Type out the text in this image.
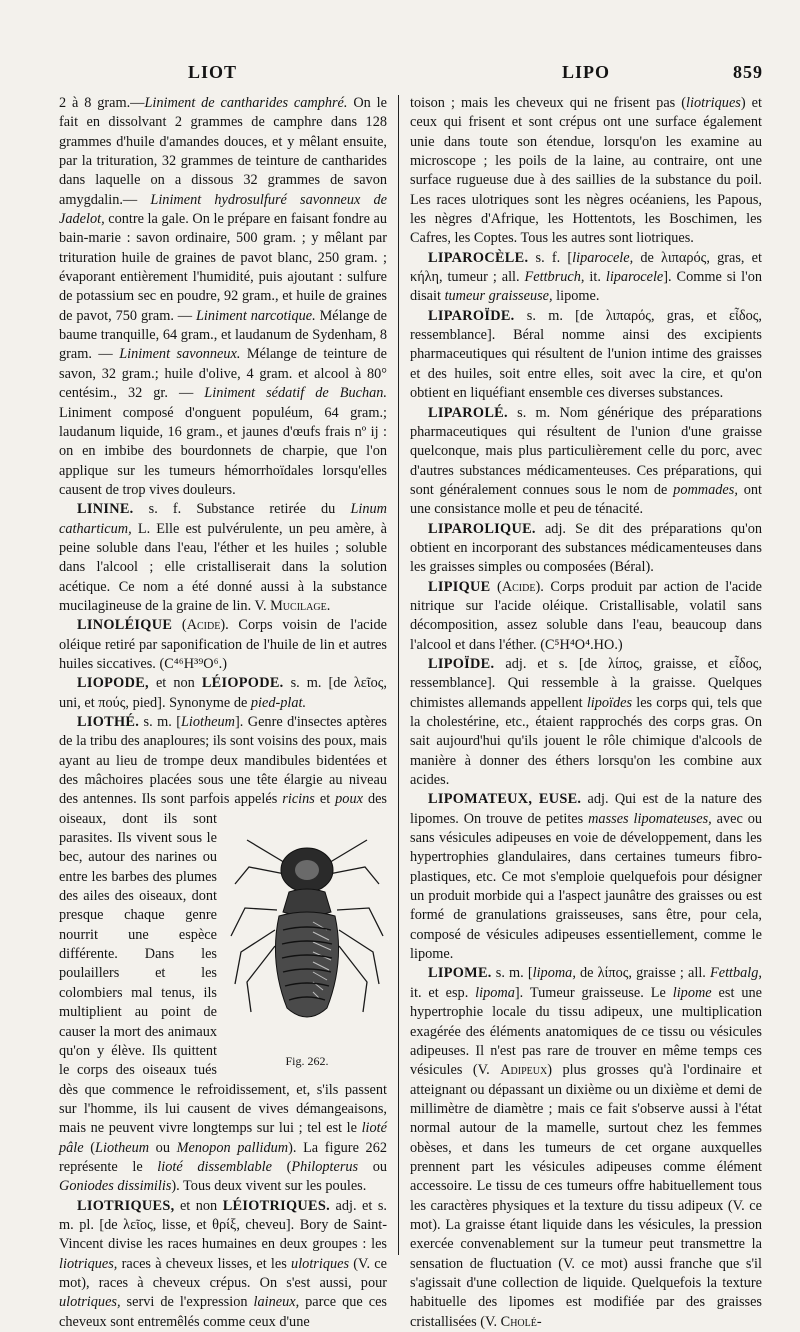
LIOT	LIPO	859

2 à 8 gram.—Liniment de cantharides camphré. On le fait en dissolvant 2 grammes de camphre dans 128 grammes d'huile d'amandes douces, et y mêlant ensuite, par la trituration, 32 grammes de teinture de cantharides dans laquelle on a dissous 32 grammes de savon amygdalin.— Liniment hydrosulfuré savonneux de Jadelot, contre la gale. On le prépare en faisant fondre au bain-marie : savon ordinaire, 500 gram. ; y mêlant par trituration huile de graines de pavot blanc, 250 gram. ; évaporant entièrement l'humidité, puis ajoutant : sulfure de potassium sec en poudre, 92 gram., et huile de graines de pavot, 750 gram. — Liniment narcotique. Mélange de baume tranquille, 64 gram., et laudanum de Sydenham, 8 gram. — Liniment savonneux. Mélange de teinture de savon, 32 gram.; huile d'olive, 4 gram. et alcool à 80° centésim., 32 gr. — Liniment sédatif de Buchan. Liniment composé d'onguent populéum, 64 gram.; laudanum liquide, 16 gram., et jaunes d'œufs frais nº ij : on en imbibe des bourdonnets de charpie, que l'on applique sur les tumeurs hémorrhoïdales lorsqu'elles causent de trop vives douleurs.

LININE. s. f. Substance retirée du Linum catharticum, L. Elle est pulvérulente, un peu amère, à peine soluble dans l'eau, l'éther et les huiles ; soluble dans l'alcool ; elle cristalliserait dans la solution acétique. Ce nom a été donné aussi à la substance mucilagineuse de la graine de lin. V. Mucilage.

LINOLÉIQUE (Acide). Corps voisin de l'acide oléique retiré par saponification de l'huile de lin et autres huiles siccatives. (C⁴⁶H³⁹O⁶.)

LIOPODE, et non LÉIOPODE. s. m. [de λεῖος, uni, et πούς, pied]. Synonyme de pied-plat.

LIOTHÉ. s. m. [Liotheum]. Genre d'insectes aptères de la tribu des anaploures; ils sont voisins des poux, mais ayant au lieu de trompe deux mandibules bidentées et des mâchoires placées sous une tête élargie au niveau des antennes. Ils sont parfois appelés ricins et poux
Fig. 262.
des oiseaux, dont ils sont parasites. Ils vivent sous le bec, autour des narines ou entre les barbes des plumes des ailes des oiseaux, dont presque chaque genre nourrit une espèce différente. Dans les poulaillers et les colombiers mal tenus, ils multiplient au point de causer la mort des animaux qu'on y élève. Ils quittent le corps des oiseaux tués dès que commence le refroidissement, et, s'ils passent sur l'homme, ils lui causent de vives démangeaisons, mais ne peuvent vivre longtemps sur lui ; tel est le lioté pâle (Liotheum ou Menopon pallidum). La figure 262 représente le lioté dissemblable (Philopterus ou Goniodes dissimilis). Tous deux vivent sur les poules.

LIOTRIQUES, et non LÉIOTRIQUES. adj. et s. m. pl. [de λεῖος, lisse, et θρίξ, cheveu]. Bory de Saint-Vincent divise les races humaines en deux groupes : les liotriques, races à cheveux lisses, et les ulotriques (V. ce mot), races à cheveux crépus. On s'est aussi, pour ulotriques, servi de l'expression laineux, parce que ces cheveux sont entremêlés comme ceux d'une

toison ; mais les cheveux qui ne frisent pas (liotriques) et ceux qui frisent et sont crépus ont une surface également unie dans toute son étendue, lorsqu'on les examine au microscope ; les poils de la laine, au contraire, ont une surface rugueuse due à des saillies de la substance du poil. Les races ulotriques sont les nègres océaniens, les Papous, les nègres d'Afrique, les Hottentots, les Boschimen, les Cafres, les Coptes. Tous les autres sont liotriques.

LIPAROCÈLE. s. f. [liparocele, de λιπαρός, gras, et κήλη, tumeur ; all. Fettbruch, it. liparocele]. Comme si l'on disait tumeur graisseuse, lipome.

LIPAROÏDE. s. m. [de λιπαρός, gras, et εἶδος, ressemblance]. Béral nomme ainsi des excipients pharmaceutiques qui résultent de l'union intime des graisses et des huiles, soit entre elles, soit avec la cire, et qu'on obtient en liquéfiant ensemble ces diverses substances.

LIPAROLÉ. s. m. Nom générique des préparations pharmaceutiques qui résultent de l'union d'une graisse quelconque, mais plus particulièrement celle du porc, avec d'autres substances médicamenteuses. Ces préparations, qui sont généralement connues sous le nom de pommades, ont une consistance molle et peu de ténacité.

LIPAROLIQUE. adj. Se dit des préparations qu'on obtient en incorporant des substances médicamenteuses dans les graisses simples ou composées (Béral).

LIPIQUE (Acide). Corps produit par action de l'acide nitrique sur l'acide oléique. Cristallisable, volatil sans décomposition, assez soluble dans l'eau, beaucoup dans l'alcool et dans l'éther. (C⁵H⁴O⁴.HO.)

LIPOÏDE. adj. et s. [de λίπος, graisse, et εἶδος, ressemblance]. Qui ressemble à la graisse. Quelques chimistes allemands appellent lipoïdes les corps qui, tels que la cholestérine, etc., étaient rapprochés des corps gras. On sait aujourd'hui qu'ils jouent le rôle chimique d'alcools de manière à donner des éthers lorsqu'on les combine aux acides.

LIPOMATEUX, EUSE. adj. Qui est de la nature des lipomes. On trouve de petites masses lipomateuses, avec ou sans vésicules adipeuses en voie de développement, dans les hypertrophies glandulaires, dans certaines tumeurs fibro-plastiques, etc. Ce mot s'emploie quelquefois pour désigner un produit morbide qui a l'aspect jaunâtre des graisses ou est formé de granulations graisseuses, sans être, pour cela, composé de vésicules adipeuses essentiellement, comme le lipome.

LIPOME. s. m. [lipoma, de λίπος, graisse ; all. Fettbalg, it. et esp. lipoma]. Tumeur graisseuse. Le lipome est une hypertrophie locale du tissu adipeux, une multiplication exagérée des éléments anatomiques de ce tissu ou vésicules adipeuses. Il n'est pas rare de trouver en même temps ces vésicules (V. Adipeux) plus grosses qu'à l'ordinaire et atteignant ou dépassant un dixième ou un dixième et demi de millimètre de diamètre ; mais ce fait s'observe aussi à l'état normal autour de la mamelle, surtout chez les femmes obèses, et dans les tumeurs de cet organe auxquelles prennent part les vésicules adipeuses comme élément accessoire. Le tissu de ces tumeurs offre habituellement tous les caractères physiques et la texture du tissu adipeux (V. ce mot). La graisse étant liquide dans les vésicules, la pression exercée convenablement sur la tumeur peut transmettre la sensation de fluctuation (V. ce mot) aussi franche que s'il s'agissait d'une collection de liquide. Quelquefois la texture habituelle des lipomes est modifiée par des graisses cristallisées (V. Cholé-
